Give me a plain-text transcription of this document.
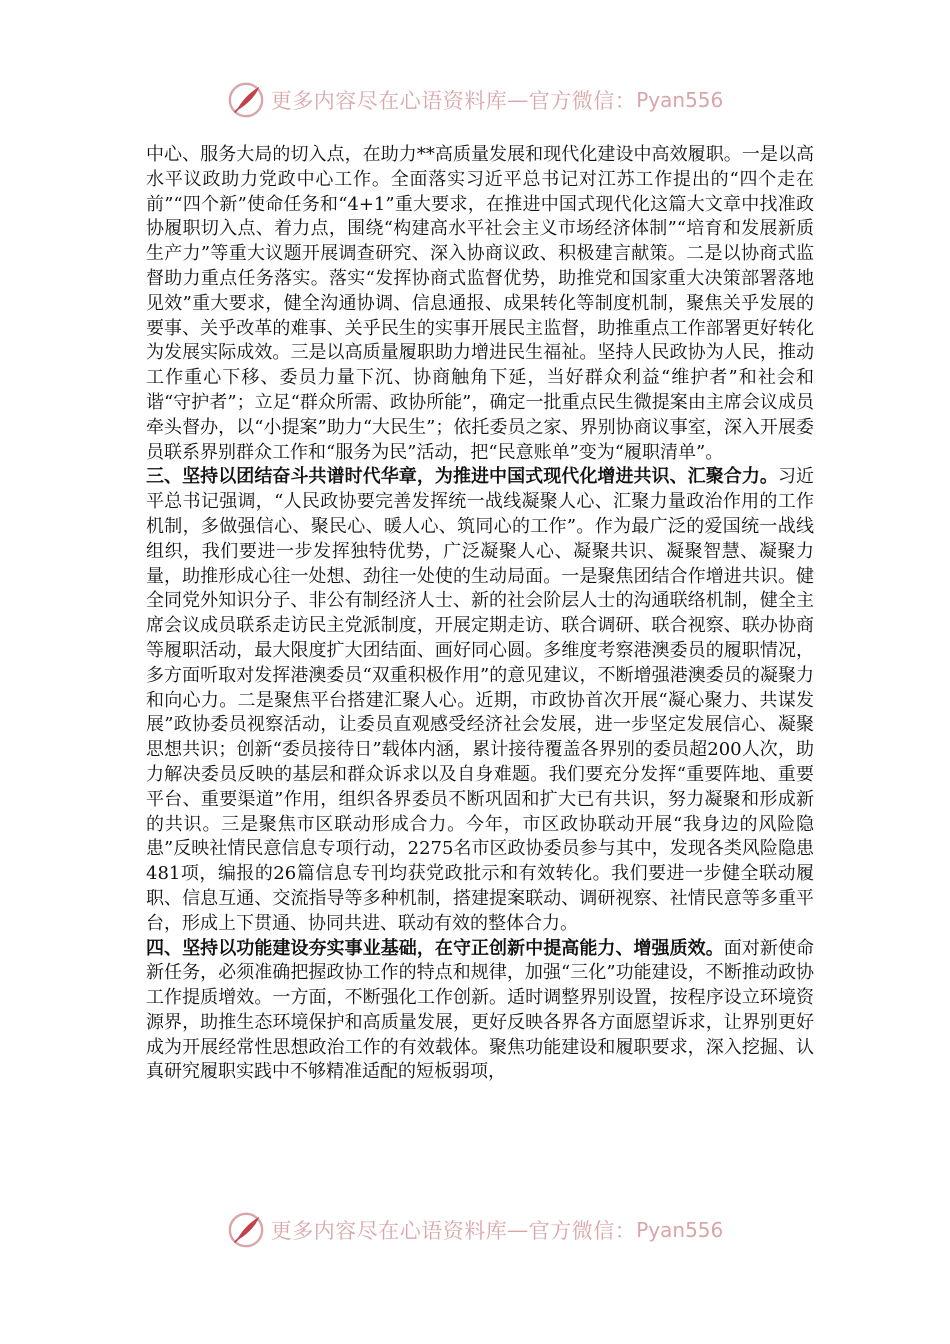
更多内容尽在心语资料库 — 官方微信： Pyan556

中心、服务大局的切入点，在助力**高质量发展和现代化建设中高效履职。一是以高水平议政助力党政中心工作。全面落实习近平总书记对江苏工作提出的“四个走在前”“四个新”使命任务和“4+1”重大要求，在推进中国式现代化这篇大文章中找准政协履职切入点、着力点，围绕“构建高水平社会主义市场经济体制”“培育和发展新质生产力”等重大议题开展调查研究、深入协商议政、积极建言献策。二是以协商式监督助力重点任务落实。落实“发挥协商式监督优势，助推党和国家重大决策部署落地见效”重大要求，健全沟通协调、信息通报、成果转化等制度机制，聚焦关乎发展的要事、关乎改革的难事、关乎民生的实事开展民主监督，助推重点工作部署更好转化为发展实际成效。三是以高质量履职助力增进民生福祉。坚持人民政协为人民，推动工作重心下移、委员力量下沉、协商触角下延，当好群众利益“维护者”和社会和谐“守护者”；立足“群众所需、政协所能”，确定一批重点民生微提案由主席会议成员牵头督办，以“小提案”助力“大民生”；依托委员之家、界别协商议事室，深入开展委员联系界别群众工作和“服务为民”活动，把“民意账单”变为“履职清单”。

三、坚持以团结奋斗共谱时代华章，为推进中国式现代化增进共识、汇聚合力。习近平总书记强调，“人民政协要完善发挥统一战线凝聚人心、汇聚力量政治作用的工作机制，多做强信心、聚民心、暖人心、筑同心的工作”。作为最广泛的爱国统一战线组织，我们要进一步发挥独特优势，广泛凝聚人心、凝聚共识、凝聚智慧、凝聚力量，助推形成心往一处想、劲往一处使的生动局面。一是聚焦团结合作增进共识。健全同党外知识分子、非公有制经济人士、新的社会阶层人士的沟通联络机制，健全主席会议成员联系走访民主党派制度，开展定期走访、联合调研、联合视察、联办协商等履职活动，最大限度扩大团结面、画好同心圆。多维度考察港澳委员的履职情况，多方面听取对发挥港澳委员“双重积极作用”的意见建议，不断增强港澳委员的凝聚力和向心力。二是聚焦平台搭建汇聚人心。近期，市政协首次开展“凝心聚力、共谋发展”政协委员视察活动，让委员直观感受经济社会发展，进一步坚定发展信心、凝聚思想共识；创新“委员接待日”载体内涵，累计接待覆盖各界别的委员超200人次，助力解决委员反映的基层和群众诉求以及自身难题。我们要充分发挥“重要阵地、重要平台、重要渠道”作用，组织各界委员不断巩固和扩大已有共识，努力凝聚和形成新的共识。三是聚焦市区联动形成合力。今年，市区政协联动开展“我身边的风险隐患”反映社情民意信息专项行动，2275名市区政协委员参与其中，发现各类风险隐患481项，编报的26篇信息专刊均获党政批示和有效转化。我们要进一步健全联动履职、信息互通、交流指导等多种机制，搭建提案联动、调研视察、社情民意等多重平台，形成上下贯通、协同共进、联动有效的整体合力。

四、坚持以功能建设夯实事业基础，在守正创新中提高能力、增强质效。面对新使命新任务，必须准确把握政协工作的特点和规律，加强“三化”功能建设，不断推动政协工作提质增效。一方面，不断强化工作创新。适时调整界别设置，按程序设立环境资源界，助推生态环境保护和高质量发展，更好反映各界各方面愿望诉求，让界别更好成为开展经常性思想政治工作的有效载体。聚焦功能建设和履职要求，深入挖掘、认真研究履职实践中不够精准适配的短板弱项，

更多内容尽在心语资料库 — 官方微信： Pyan556
